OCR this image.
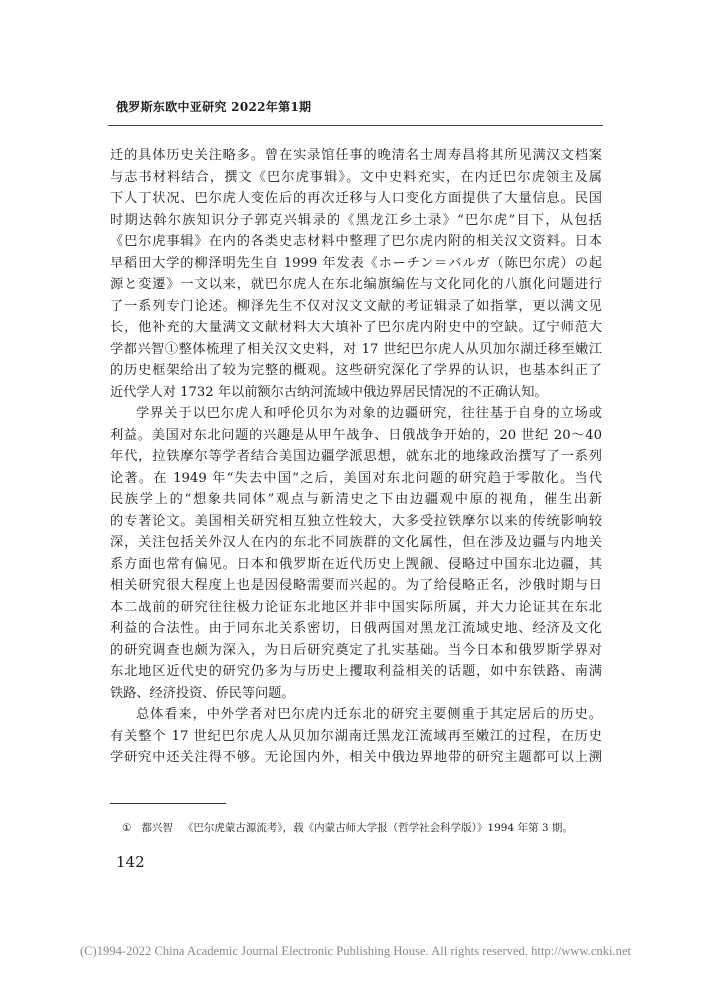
俄罗斯东欧中亚研究 2022年第1期
迁的具体历史关注略多。曾在实录馆任事的晚清名士周寿昌将其所见满汉文档案
与志书材料结合，撰文《巴尔虎事辑》。文中史料充实，在内迁巴尔虎领主及属
下人丁状况、巴尔虎人变佐后的再次迁移与人口变化方面提供了大量信息。民国
时期达斡尔族知识分子郭克兴辑录的《黑龙江乡土录》“巴尔虎”目下，从包括
《巴尔虎事辑》在内的各类史志材料中整理了巴尔虎内附的相关汉文资料。日本
早稻田大学的柳泽明先生自 1999 年发表《ホーチン＝バルガ（陈巴尔虎）の起
源と変遷》一文以来，就巴尔虎人在东北编旗编佐与文化同化的八旗化问题进行
了一系列专门论述。柳泽先生不仅对汉文文献的考证辑录了如指掌，更以满文见
长，他补充的大量满文文献材料大大填补了巴尔虎内附史中的空缺。辽宁师范大
学都兴智①整体梳理了相关汉文史料，对 17 世纪巴尔虎人从贝加尔湖迁移至嫩江
的历史框架给出了较为完整的概观。这些研究深化了学界的认识，也基本纠正了
近代学人对 1732 年以前额尔古纳河流域中俄边界居民情况的不正确认知。
学界关于以巴尔虎人和呼伦贝尔为对象的边疆研究，往往基于自身的立场或
利益。美国对东北问题的兴趣是从甲午战争、日俄战争开始的，20 世纪 20～40
年代，拉铁摩尔等学者结合美国边疆学派思想，就东北的地缘政治撰写了一系列
论著。在 1949 年“失去中国”之后，美国对东北问题的研究趋于零散化。当代
民族学上的“想象共同体”观点与新清史之下由边疆观中原的视角，催生出新
的专著论文。美国相关研究相互独立性较大，大多受拉铁摩尔以来的传统影响较
深，关注包括关外汉人在内的东北不同族群的文化属性，但在涉及边疆与内地关
系方面也常有偏见。日本和俄罗斯在近代历史上觊觎、侵略过中国东北边疆，其
相关研究很大程度上也是因侵略需要而兴起的。为了给侵略正名，沙俄时期与日
本二战前的研究往往极力论证东北地区并非中国实际所属，并大力论证其在东北
利益的合法性。由于同东北关系密切，日俄两国对黑龙江流域史地、经济及文化
的研究调查也颇为深入，为日后研究奠定了扎实基础。当今日本和俄罗斯学界对
东北地区近代史的研究仍多为与历史上攫取利益相关的话题，如中东铁路、南满
铁路、经济投资、侨民等问题。
总体看来，中外学者对巴尔虎内迁东北的研究主要侧重于其定居后的历史。
有关整个 17 世纪巴尔虎人从贝加尔湖南迁黑龙江流域再至嫩江的过程，在历史
学研究中还关注得不够。无论国内外，相关中俄边界地带的研究主题都可以上溯
① 都兴智 《巴尔虎蒙古源流考》，载《内蒙古师大学报（哲学社会科学版）》1994 年第 3 期。
142
(C)1994-2022 China Academic Journal Electronic Publishing House. All rights reserved. http://www.cnki.net
